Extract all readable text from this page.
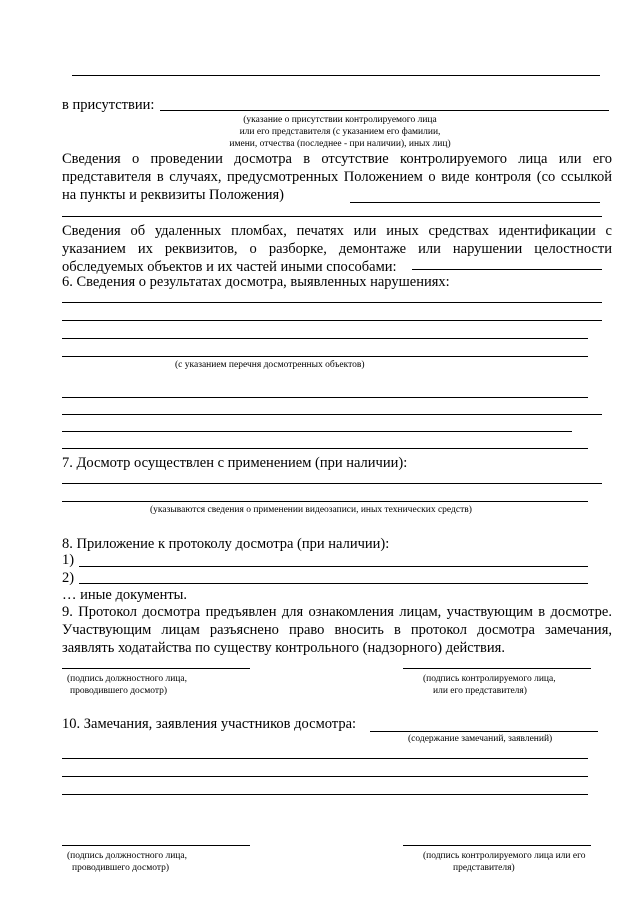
в присутствии:
(указание о присутствии контролируемого лица
или его представителя (с указанием его фамилии,
имени, отчества (последнее - при наличии), иных лиц)
Сведения о проведении досмотра в отсутствие контролируемого лица или его представителя в случаях, предусмотренных Положением о виде контроля (со ссылкой на пункты и реквизиты Положения)
Сведения об удаленных пломбах, печатях или иных средствах идентификации с указанием их реквизитов, о разборке, демонтаже или нарушении целостности обследуемых объектов и их частей иными способами:
6. Сведения о результатах досмотра, выявленных нарушениях:
(с указанием перечня досмотренных объектов)
7. Досмотр осуществлен с применением (при наличии):
(указываются сведения о применении видеозаписи, иных технических средств)
8. Приложение к протоколу досмотра (при наличии):
1)
2)
… иные документы.
9. Протокол досмотра предъявлен для ознакомления лицам, участвующим в досмотре. Участвующим лицам разъяснено право вносить в протокол досмотра замечания, заявлять ходатайства по существу контрольного (надзорного) действия.
(подпись должностного лица,
проводившего досмотр)
(подпись контролируемого лица,
или его представителя)
10. Замечания, заявления участников досмотра:
(содержание замечаний, заявлений)
(подпись должностного лица,
проводившего досмотр)
(подпись контролируемого лица или его
представителя)
